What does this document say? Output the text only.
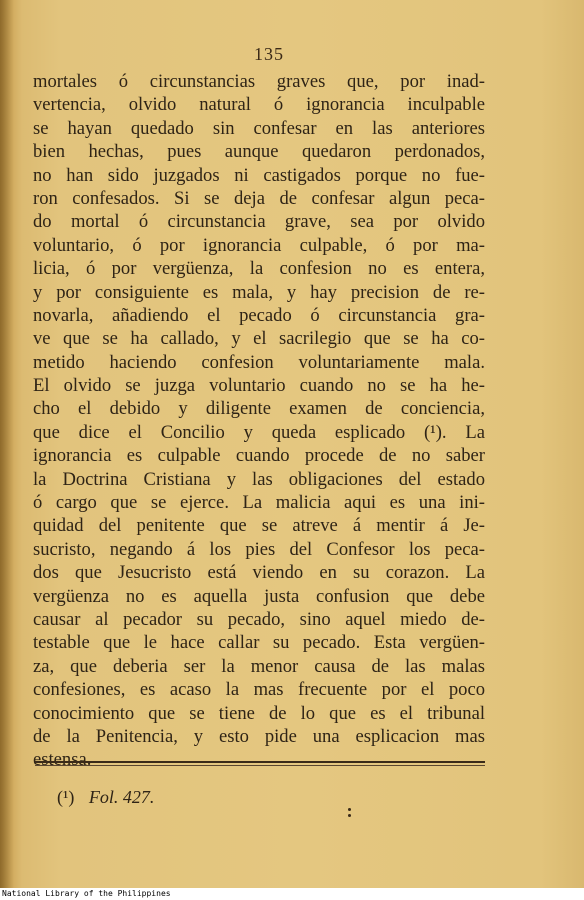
135
mortales ó circunstancias graves que, por inad-
vertencia, olvido natural ó ignorancia inculpable
se hayan quedado sin confesar en las anteriores
bien hechas, pues aunque quedaron perdonados,
no han sido juzgados ni castigados porque no fue-
ron confesados. Si se deja de confesar algun peca-
do mortal ó circunstancia grave, sea por olvido
voluntario, ó por ignorancia culpable, ó por ma-
licia, ó por vergüenza, la confesion no es entera,
y por consiguiente es mala, y hay precision de re-
novarla, añadiendo el pecado ó circunstancia gra-
ve que se ha callado, y el sacrilegio que se ha co-
metido haciendo confesion voluntariamente mala.
El olvido se juzga voluntario cuando no se ha he-
cho el debido y diligente examen de conciencia,
que dice el Concilio y queda esplicado (¹). La
ignorancia es culpable cuando procede de no saber
la Doctrina Cristiana y las obligaciones del estado
ó cargo que se ejerce. La malicia aqui es una ini-
quidad del penitente que se atreve á mentir á Je-
sucristo, negando á los pies del Confesor los peca-
dos que Jesucristo está viendo en su corazon. La
vergüenza no es aquella justa confusion que debe
causar al pecador su pecado, sino aquel miedo de-
testable que le hace callar su pecado. Esta vergüen-
za, que deberia ser la menor causa de las malas
confesiones, es acaso la mas frecuente por el poco
conocimiento que se tiene de lo que es el tribunal
de la Penitencia, y esto pide una esplicacion mas
estensa.
(¹) Fol. 427.
National Library of the Philippines
